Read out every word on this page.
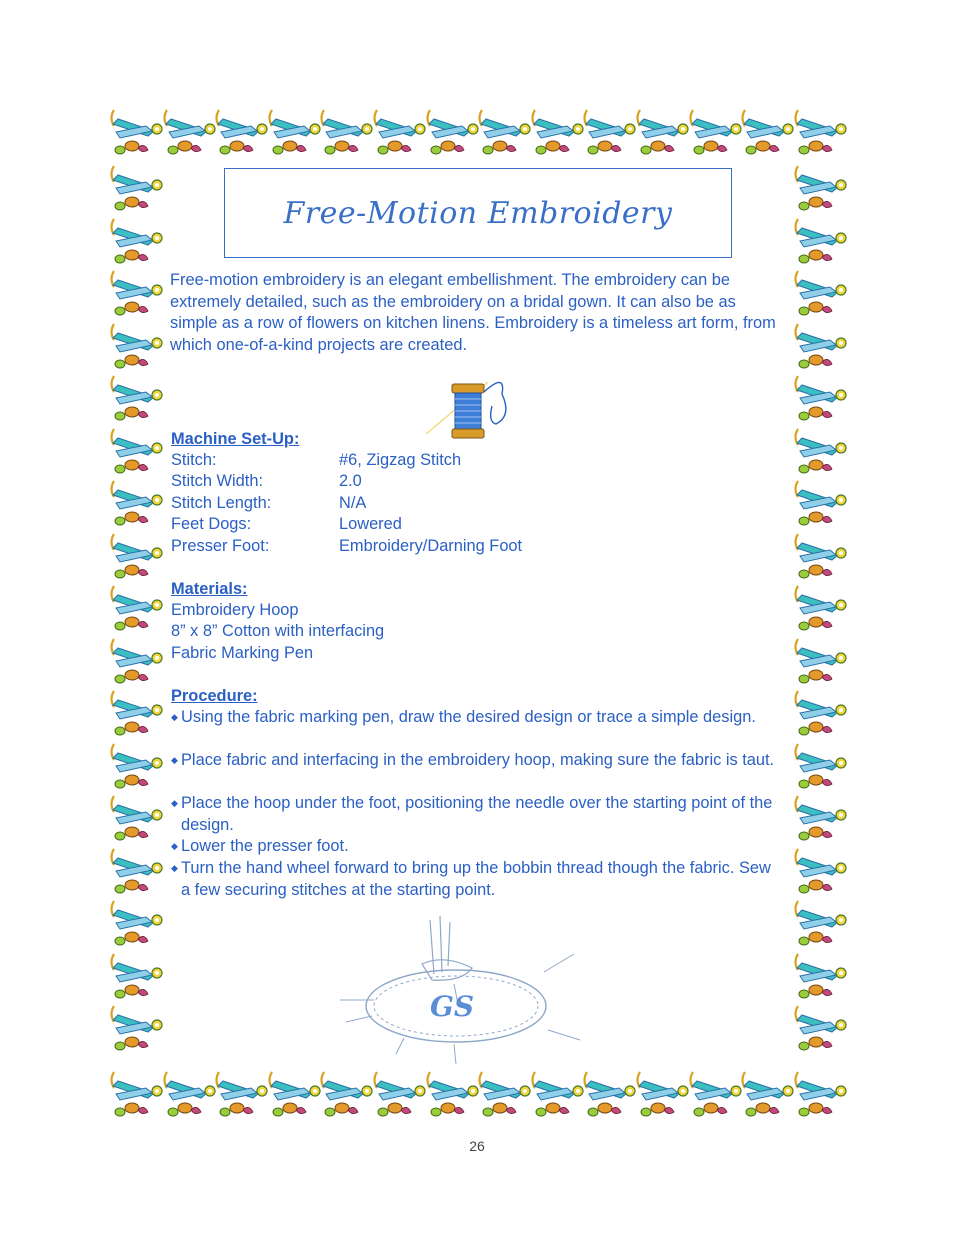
Free-Motion Embroidery
Free-motion embroidery is an elegant embellishment. The embroidery can be extremely detailed, such as the embroidery on a bridal gown. It can also be as simple as a row of flowers on kitchen linens. Embroidery is a timeless art form, from which one-of-a-kind projects are created.
Machine Set-Up:
Stitch:	#6, Zigzag Stitch
Stitch Width:	2.0
Stitch Length:	N/A
Feet Dogs:	Lowered
Presser Foot:	Embroidery/Darning Foot
Materials:
Embroidery Hoop
8” x 8” Cotton with interfacing
Fabric Marking Pen
Procedure:
◆ Using the fabric marking pen, draw the desired design or trace a simple design.
◆ Place fabric and interfacing in the embroidery hoop, making sure the fabric is taut.
◆ Place the hoop under the foot, positioning the needle over the starting point of the design.
◆ Lower the presser foot.
◆ Turn the hand wheel forward to bring up the bobbin thread though the fabric. Sew a few securing stitches at the starting point.
GS
26
